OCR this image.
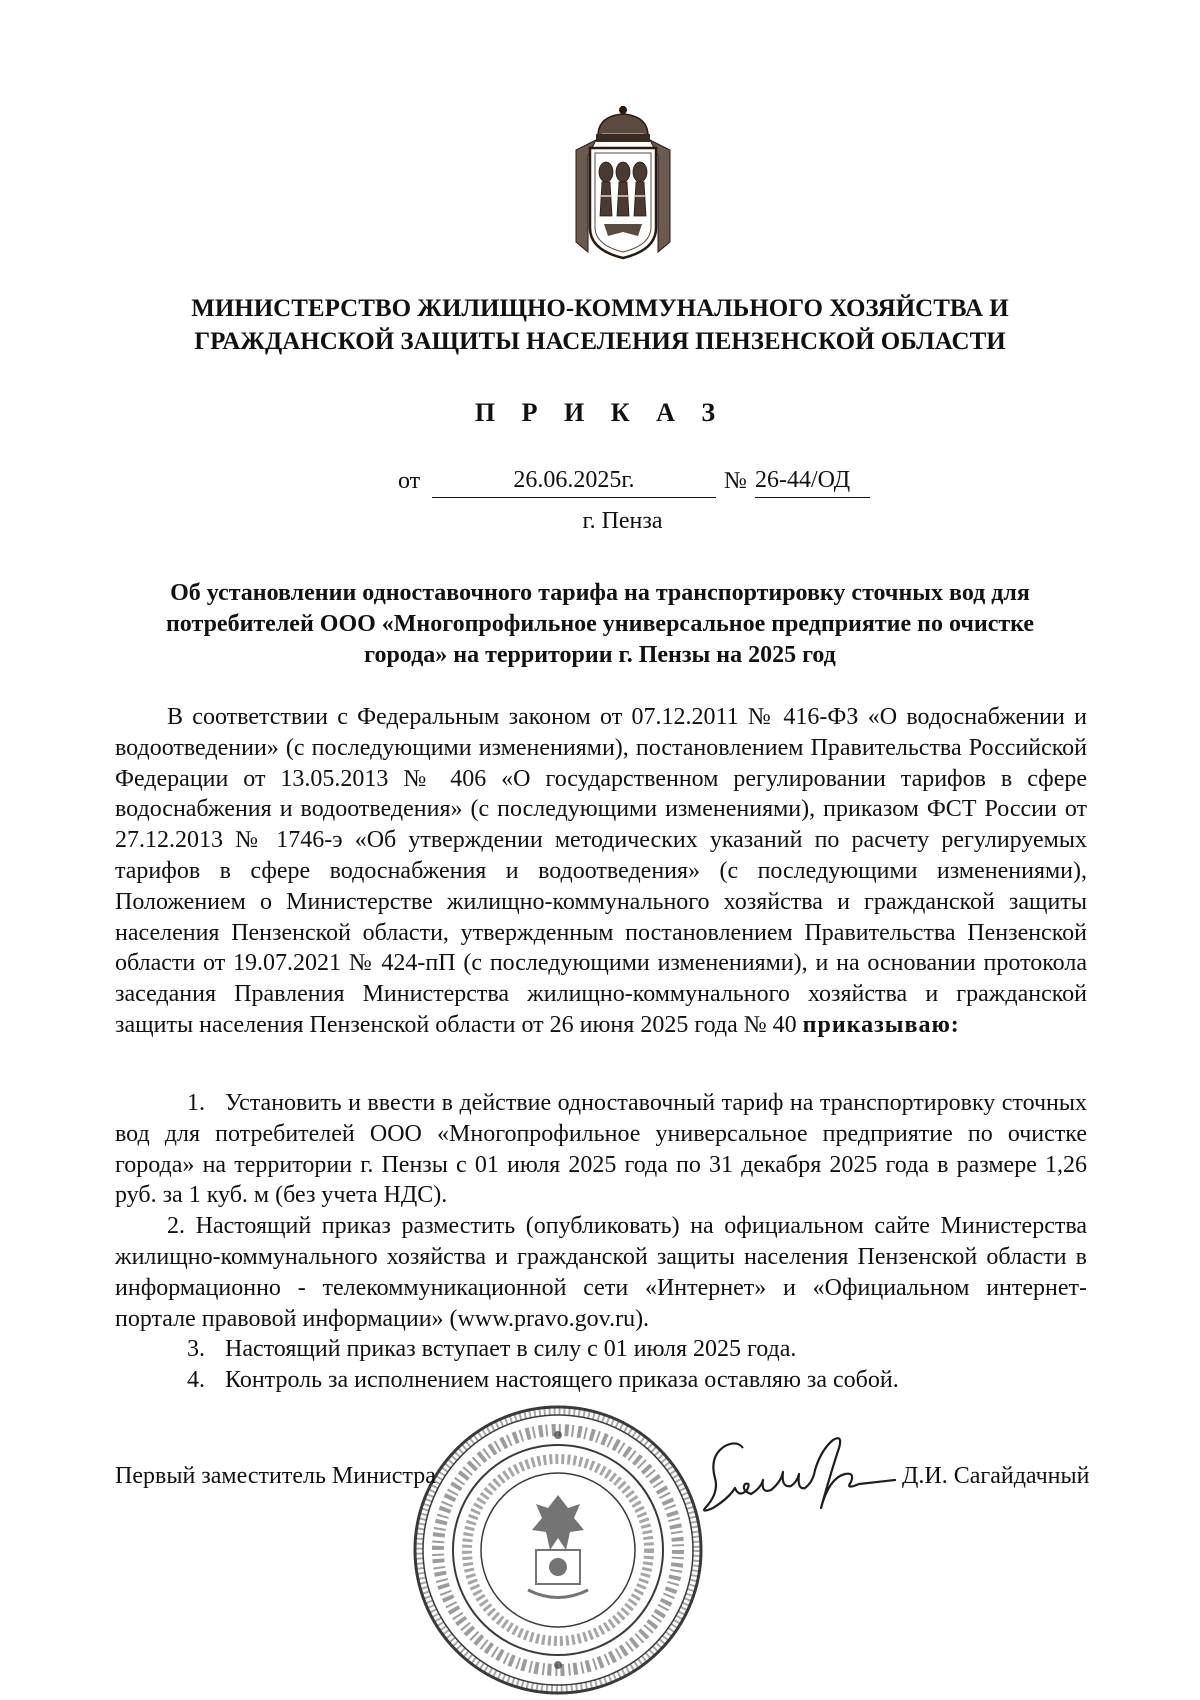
МИНИСТЕРСТВО ЖИЛИЩНО-КОММУНАЛЬНОГО ХОЗЯЙСТВА И
ГРАЖДАНСКОЙ ЗАЩИТЫ НАСЕЛЕНИЯ ПЕНЗЕНСКОЙ ОБЛАСТИ
П Р И К А З
от	26.06.2025г.	№ 26-44/ОД
г. Пенза
Об установлении одноставочного тарифа на транспортировку сточных вод для
потребителей ООО «Многопрофильное универсальное предприятие по очистке
города» на территории г. Пензы на 2025 год

В соответствии с Федеральным законом от 07.12.2011 № 416-ФЗ «О водоснабжении и водоотведении» (с последующими изменениями), постановлением Правительства Российской Федерации от 13.05.2013 № 406 «О государственном регулировании тарифов в сфере водоснабжения и водоотведения» (с последующими изменениями), приказом ФСТ России от 27.12.2013 № 1746-э «Об утверждении методических указаний по расчету регулируемых тарифов в сфере водоснабжения и водоотведения» (с последующими изменениями), Положением о Министерстве жилищно-коммунального хозяйства и гражданской защиты населения Пензенской области, утвержденным постановлением Правительства Пензенской области от 19.07.2021 № 424-пП (с последующими изменениями), и на основании протокола заседания Правления Министерства жилищно-коммунального хозяйства и гражданской защиты населения Пензенской области от 26 июня 2025 года № 40 приказываю:

1. Установить и ввести в действие одноставочный тариф на транспортировку сточных вод для потребителей ООО «Многопрофильное универсальное предприятие по очистке города» на территории г. Пензы с 01 июля 2025 года по 31 декабря 2025 года в размере 1,26 руб. за 1 куб. м (без учета НДС).

2. Настоящий приказ разместить (опубликовать) на официальном сайте Министерства жилищно-коммунального хозяйства и гражданской защиты населения Пензенской области в информационно - телекоммуникационной сети «Интернет» и «Официальном интернет-портале правовой информации» (www.pravo.gov.ru).

3. Настоящий приказ вступает в силу с 01 июля 2025 года.

4. Контроль за исполнением настоящего приказа оставляю за собой.

Первый заместитель Министра	Д.И. Сагайдачный
